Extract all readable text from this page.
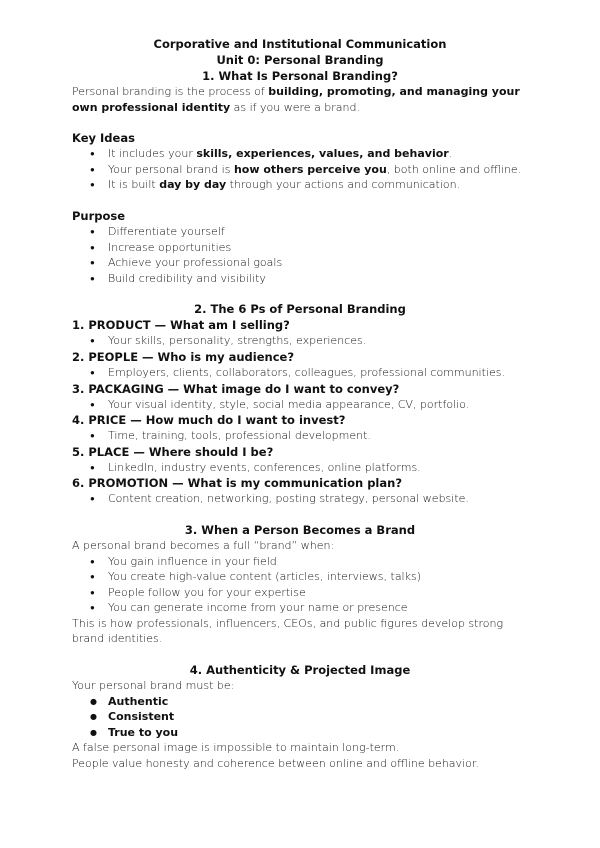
Corporative and Institutional Communication

Unit 0: Personal Branding

1. What Is Personal Branding?

Personal branding is the process of building, promoting, and managing your own professional identity as if you were a brand.

Key Ideas

● It includes your skills, experiences, values, and behavior.
● Your personal brand is how others perceive you, both online and offline.
● It is built day by day through your actions and communication.

Purpose

● Differentiate yourself
● Increase opportunities
● Achieve your professional goals
● Build credibility and visibility
2. The 6 Ps of Personal Branding

1. PRODUCT — What am I selling?

● Your skills, personality, strengths, experiences.

2. PEOPLE — Who is my audience?

● Employers, clients, collaborators, colleagues, professional communities.

3. PACKAGING — What image do I want to convey?

● Your visual identity, style, social media appearance, CV, portfolio.

4. PRICE — How much do I want to invest?

● Time, training, tools, professional development.

5. PLACE — Where should I be?

● LinkedIn, industry events, conferences, online platforms.

6. PROMOTION — What is my communication plan?

● Content creation, networking, posting strategy, personal website.
3. When a Person Becomes a Brand

A personal brand becomes a full “brand” when:

● You gain influence in your field
● You create high-value content (articles, interviews, talks)
● People follow you for your expertise
● You can generate income from your name or presence

This is how professionals, influencers, CEOs, and public figures develop strong brand identities.

4. Authenticity & Projected Image

Your personal brand must be:

● Authentic
● Consistent
● True to you

A false personal image is impossible to maintain long-term.

People value honesty and coherence between online and offline behavior.
